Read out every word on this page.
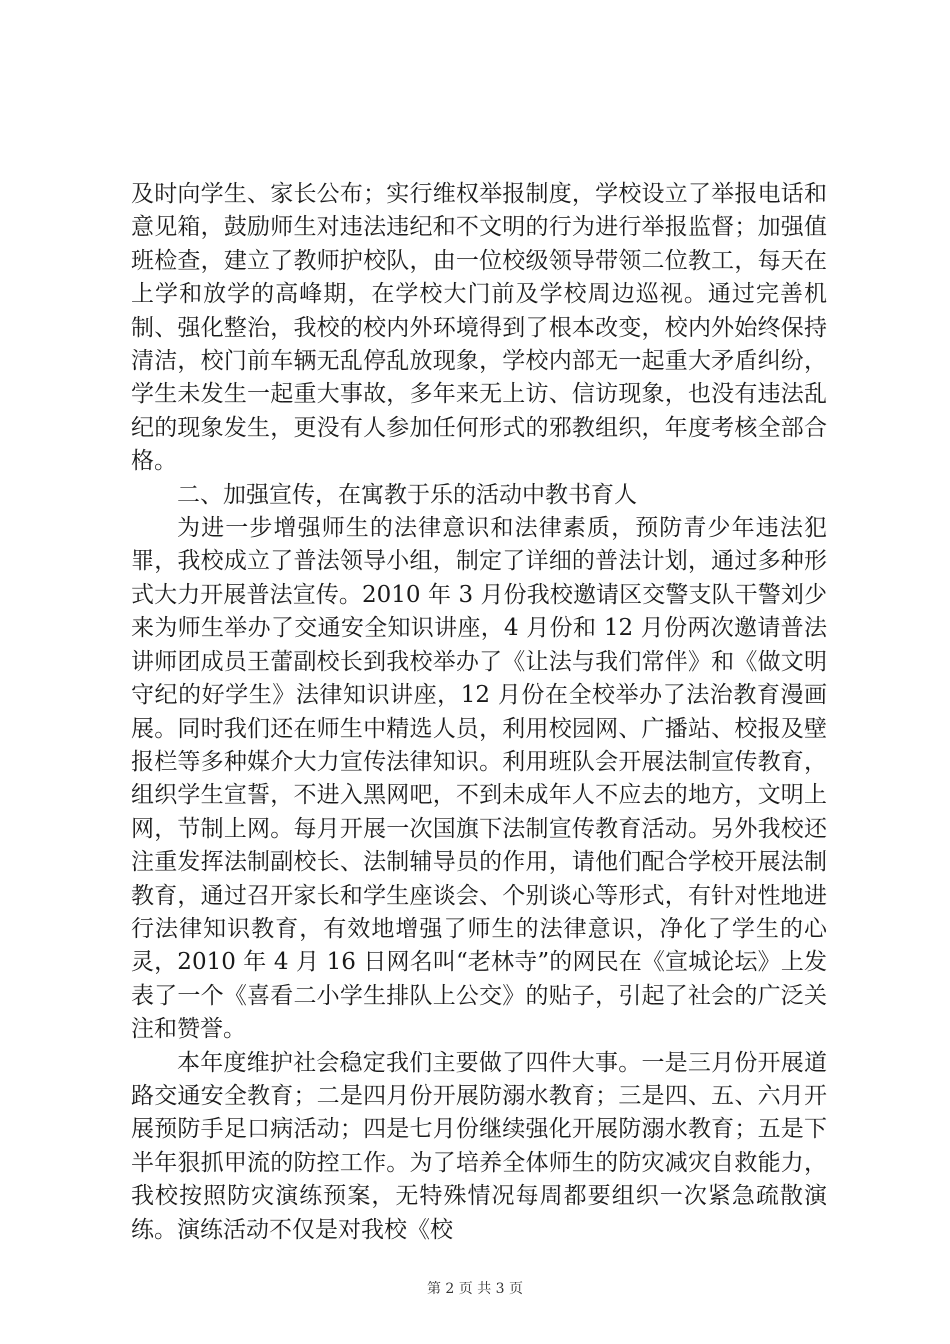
及时向学生、家长公布；实行维权举报制度，学校设立了举报电话和意见箱，鼓励师生对违法违纪和不文明的行为进行举报监督；加强值班检查，建立了教师护校队，由一位校级领导带领二位教工，每天在上学和放学的高峰期，在学校大门前及学校周边巡视。通过完善机制、强化整治，我校的校内外环境得到了根本改变，校内外始终保持清洁，校门前车辆无乱停乱放现象，学校内部无一起重大矛盾纠纷，学生未发生一起重大事故，多年来无上访、信访现象，也没有违法乱纪的现象发生，更没有人参加任何形式的邪教组织，年度考核全部合格。

二、加强宣传，在寓教于乐的活动中教书育人

为进一步增强师生的法律意识和法律素质，预防青少年违法犯罪，我校成立了普法领导小组，制定了详细的普法计划，通过多种形式大力开展普法宣传。2010 年 3 月份我校邀请区交警支队干警刘少来为师生举办了交通安全知识讲座，4 月份和 12 月份两次邀请普法讲师团成员王蕾副校长到我校举办了《让法与我们常伴》和《做文明守纪的好学生》法律知识讲座，12 月份在全校举办了法治教育漫画展。同时我们还在师生中精选人员，利用校园网、广播站、校报及壁报栏等多种媒介大力宣传法律知识。利用班队会开展法制宣传教育，组织学生宣誓，不进入黑网吧，不到未成年人不应去的地方，文明上网，节制上网。每月开展一次国旗下法制宣传教育活动。另外我校还注重发挥法制副校长、法制辅导员的作用，请他们配合学校开展法制教育，通过召开家长和学生座谈会、个别谈心等形式，有针对性地进行法律知识教育，有效地增强了师生的法律意识，净化了学生的心灵，2010 年 4 月 16 日网名叫“老林寺”的网民在《宣城论坛》上发表了一个《喜看二小学生排队上公交》的贴子，引起了社会的广泛关注和赞誉。

本年度维护社会稳定我们主要做了四件大事。一是三月份开展道路交通安全教育；二是四月份开展防溺水教育；三是四、五、六月开展预防手足口病活动；四是七月份继续强化开展防溺水教育；五是下半年狠抓甲流的防控工作。为了培养全体师生的防灾减灾自救能力，我校按照防灾演练预案，无特殊情况每周都要组织一次紧急疏散演练。演练活动不仅是对我校《校

第 2 页 共 3 页
